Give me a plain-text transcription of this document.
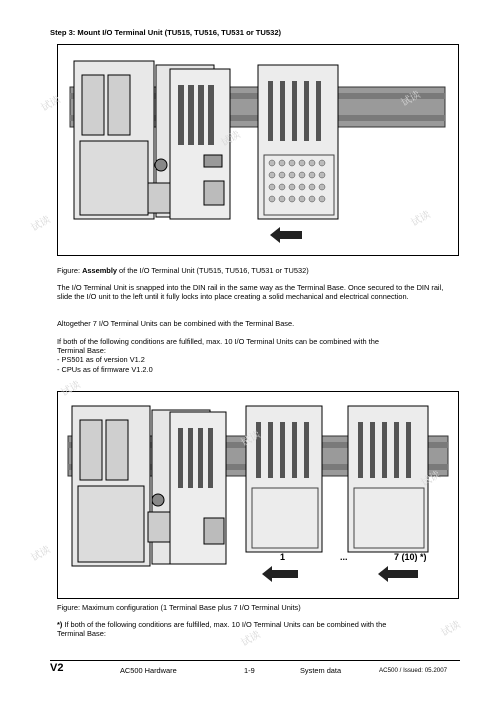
Step 3: Mount I/O Terminal Unit (TU515, TU516, TU531 or TU532)
Figure: Assembly of the I/O Terminal Unit (TU515, TU516, TU531 or TU532)
The I/O Terminal Unit is snapped into the DIN rail in the same way as the Terminal Base. Once secured to the DIN rail, slide the I/O unit to the left until it fully locks into place creating a solid mechanical and electrical connection.
Altogether 7 I/O Terminal Units can be combined with the Terminal Base.
If both of the following conditions are fulfilled, max. 10 I/O Terminal Units can be combined with the
Terminal Base:
- PS501 as of version V1.2
- CPUs as of firmware V1.2.0
1	...	7 (10) *)
Figure: Maximum configuration (1 Terminal Base plus 7 I/O Terminal Units)
*) If both of the following conditions are fulfilled, max. 10 I/O Terminal Units can be combined with the
Terminal Base:
V2	AC500 Hardware	1-9	System data	AC500 / Issued: 05.2007
试读
试读
试读
试读	试读
试读
试读
试读
试读
试读
试读
